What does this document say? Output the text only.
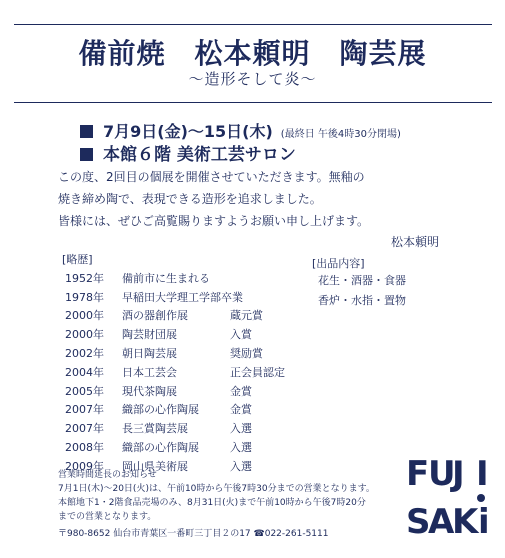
備前焼　松本頼明　陶芸展
～造形そして炎～
7月9日(金)～15日(木) (最終日 午後4時30分閉場)
本館６階 美術工芸サロン
この度、2回目の個展を開催させていただきます。無釉の
焼き締め陶で、表現できる造形を追求しました。
皆様には、ぜひご高覧賜りますようお願い申し上げます。
松本頼明
[略歴]
1952年 備前市に生まれる
1978年 早稲田大学理工学部卒業
2000年 酒の器創作展	蔵元賞
2000年 陶芸財団展	入賞
2002年 朝日陶芸展	奨励賞
2004年 日本工芸会	正会員認定
2005年 現代茶陶展	金賞
2007年 織部の心作陶展	金賞
2007年 長三賞陶芸展	入選
2008年 織部の心作陶展	入選
2009年 岡山県美術展	入選
[出品内容]
花生・酒器・食器
香炉・水指・置物
営業時間延長のお知らせ
7月1日(木)～20日(火)は、午前10時から午後7時30分までの営業となります。
本館地下1・2階食品売場のみ、8月31日(火)まで午前10時から午後7時20分
までの営業となります。
〒980-8652 仙台市青葉区一番町三丁目２の17 ☎022-261-5111
F
U
J I
S
A
K i
